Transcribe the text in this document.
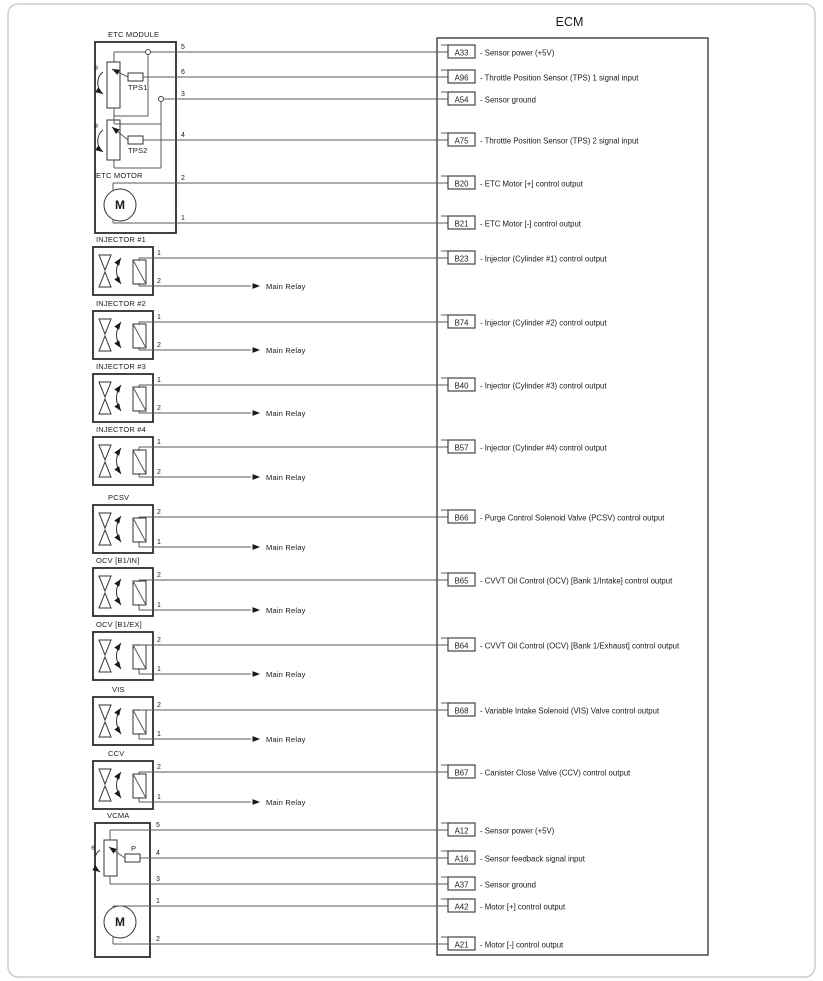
ECM
ETC MODULE
TPS1
θ
TPS2
θ
ETC MOTOR
M
5
6
3
4
2
1
INJECTOR #1
1
Main Relay
2
INJECTOR #2
1
Main Relay
2
INJECTOR #3
1
Main Relay
2
INJECTOR #4
1
Main Relay
2
PCSV
2
Main Relay
1
OCV [B1/IN]
2
Main Relay
1
OCV [B1/EX]
2
Main Relay
1
VIS
2
Main Relay
1
CCV
2
Main Relay
1
VCMA
P
θ
M
5
4
3
1
2
A33 - Sensor power (+5V)
A96 - Throttle Position Sensor (TPS) 1 signal input
A54 - Sensor ground
A75 - Throttle Position Sensor (TPS) 2 signal input
B20 - ETC Motor [+] control output
B21 - ETC Motor [-] control output
B23 - Injector (Cylinder #1) control output
B74 - Injector (Cylinder #2) control output
B40 - Injector (Cylinder #3) control output
B57 - Injector (Cylinder #4) control output
B66 - Purge Control Solenoid Valve (PCSV) control output
B65 - CVVT Oil Control (OCV) [Bank 1/Intake] control output
B64 - CVVT Oil Control (OCV) [Bank 1/Exhaust] control output
B68 - Variable Intake Solenoid (VIS) Valve control output
B67 - Canister Close Valve (CCV) control output
A12 - Sensor power (+5V)
A16 - Sensor feedback signal input
A37 - Sensor ground
A42 - Motor [+] control output
A21 - Motor [-] control output
